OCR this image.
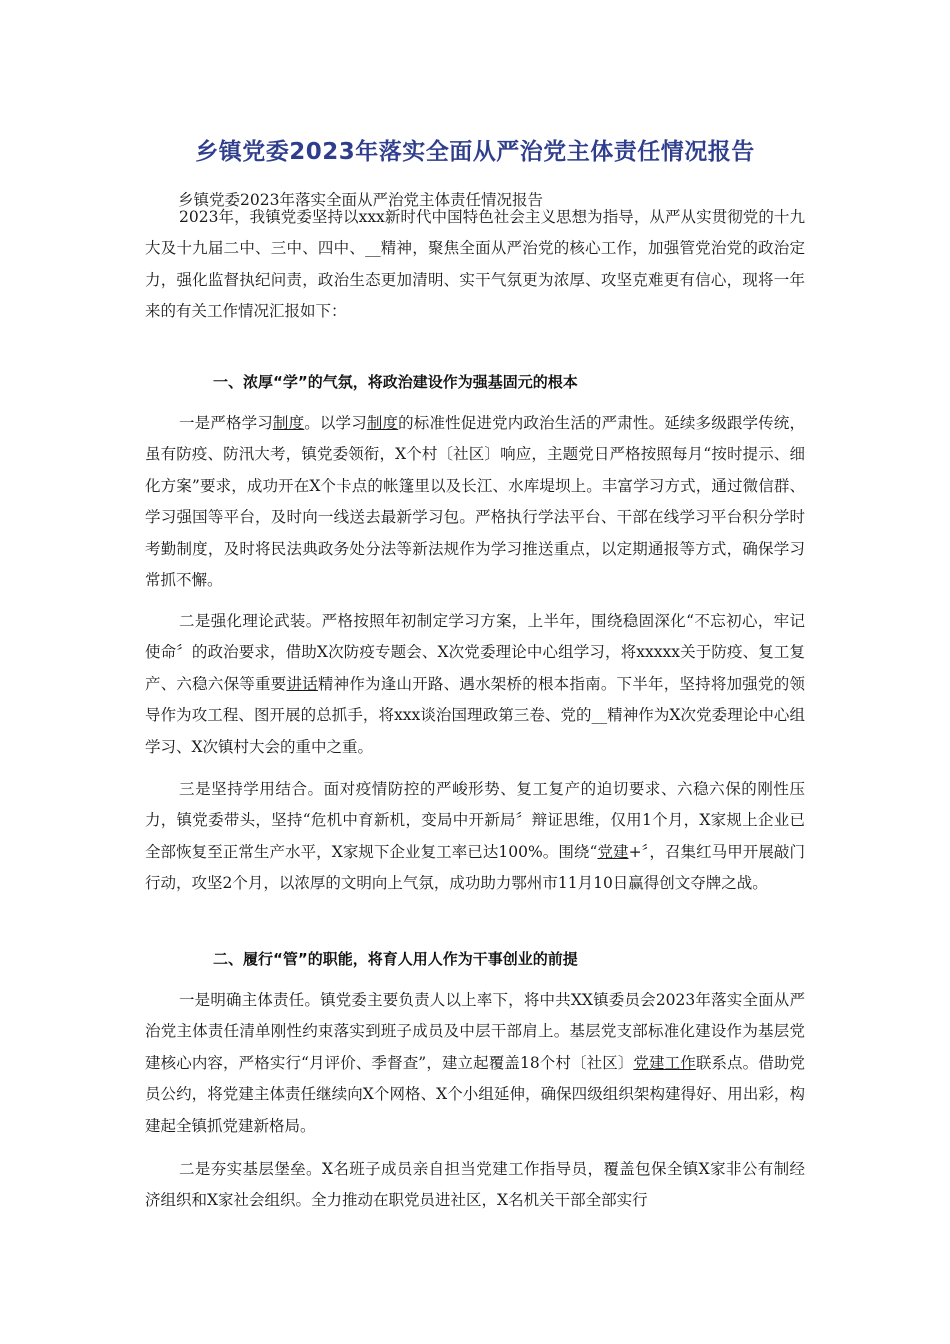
乡镇党委2023年落实全面从严治党主体责任情况报告
乡镇党委2023年落实全面从严治党主体责任情况报告

2023年，我镇党委坚持以xxx新时代中国特色社会主义思想为指导，从严从实贯彻党的十九大及十九届二中、三中、四中、__精神，聚焦全面从严治党的核心工作，加强管党治党的政治定力，强化监督执纪问责，政治生态更加清明、实干气氛更为浓厚、攻坚克难更有信心，现将一年来的有关工作情况汇报如下：

一、浓厚“学”的气氛，将政治建设作为强基固元的根本

一是严格学习制度。以学习制度的标准性促进党内政治生活的严肃性。延续多级跟学传统，虽有防疫、防汛大考，镇党委领衔，X个村〔社区〕响应，主题党日严格按照每月“按时提示、细化方案”要求，成功开在X个卡点的帐篷里以及长江、水库堤坝上。丰富学习方式，通过微信群、学习强国等平台，及时向一线送去最新学习包。严格执行学法平台、干部在线学习平台积分学时考勤制度，及时将民法典政务处分法等新法规作为学习推送重点，以定期通报等方式，确保学习常抓不懈。

二是强化理论武装。严格按照年初制定学习方案，上半年，围绕稳固深化“不忘初心，牢记使命〞的政治要求，借助X次防疫专题会、X次党委理论中心组学习，将xxxxx关于防疫、复工复产、六稳六保等重要讲话精神作为逢山开路、遇水架桥的根本指南。下半年，坚持将加强党的领导作为攻工程、图开展的总抓手，将xxx谈治国理政第三卷、党的__精神作为X次党委理论中心组学习、X次镇村大会的重中之重。

三是坚持学用结合。面对疫情防控的严峻形势、复工复产的迫切要求、六稳六保的刚性压力，镇党委带头，坚持“危机中育新机，变局中开新局〞辩证思维，仅用1个月，X家规上企业已全部恢复至正常生产水平，X家规下企业复工率已达100%。围绕“党建+〞，召集红马甲开展敲门行动，攻坚2个月，以浓厚的文明向上气氛，成功助力鄂州市11月10日赢得创文夺牌之战。

二、履行“管”的职能，将育人用人作为干事创业的前提

一是明确主体责任。镇党委主要负责人以上率下，将中共XX镇委员会2023年落实全面从严治党主体责任清单刚性约束落实到班子成员及中层干部肩上。基层党支部标准化建设作为基层党建核心内容，严格实行“月评价、季督查”，建立起覆盖18个村〔社区〕党建工作联系点。借助党员公约，将党建主体责任继续向X个网格、X个小组延伸，确保四级组织架构建得好、用出彩，构建起全镇抓党建新格局。

二是夯实基层堡垒。X名班子成员亲自担当党建工作指导员，覆盖包保全镇X家非公有制经济组织和X家社会组织。全力推动在职党员进社区，X名机关干部全部实行
